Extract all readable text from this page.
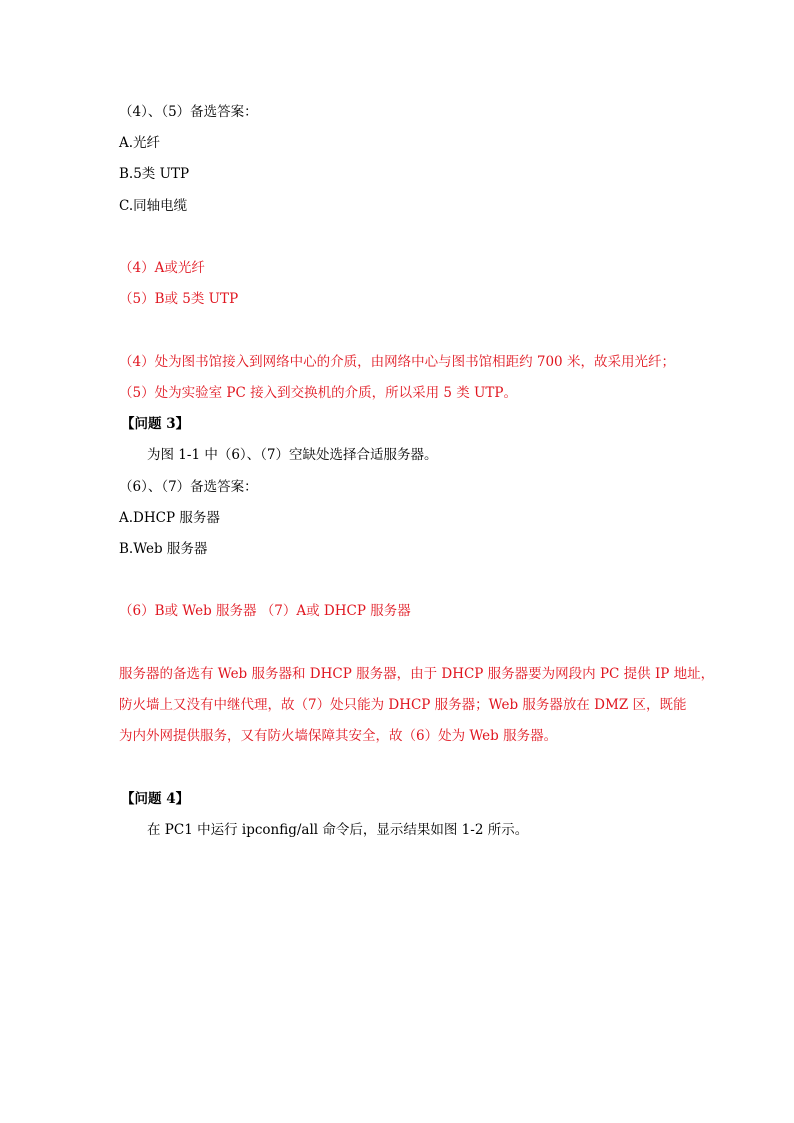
（4）、（5）备选答案：
A.光纤
B.5类 UTP
C.同轴电缆
（4）A或光纤
（5）B或 5类 UTP
（4）处为图书馆接入到网络中心的介质，由网络中心与图书馆相距约 700 米，故采用光纤；
（5）处为实验室 PC 接入到交换机的介质，所以采用 5 类 UTP。
【问题 3】
为图 1-1 中（6）、（7）空缺处选择合适服务器。
（6）、（7）备选答案：
A.DHCP 服务器
B.Web 服务器
（6）B或 Web 服务器 （7）A或 DHCP 服务器
服务器的备选有 Web 服务器和 DHCP 服务器，由于 DHCP 服务器要为网段内 PC 提供 IP 地址，
防火墙上又没有中继代理，故（7）处只能为 DHCP 服务器；Web 服务器放在 DMZ 区，既能
为内外网提供服务，又有防火墙保障其安全，故（6）处为 Web 服务器。
【问题 4】
在 PC1 中运行 ipconfig/all 命令后，显示结果如图 1-2 所示。
